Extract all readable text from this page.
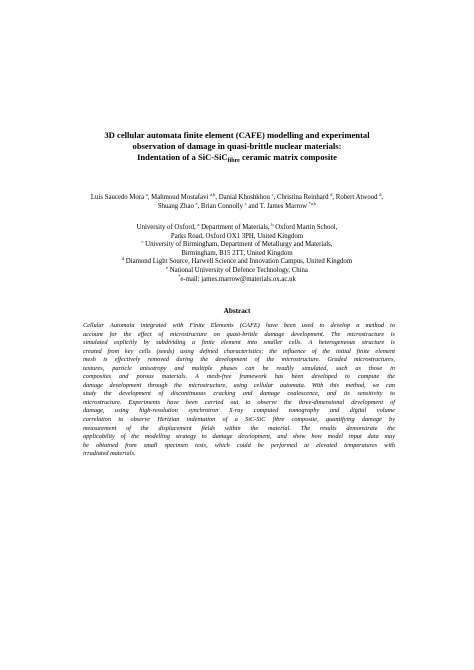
3D cellular automata finite element (CAFE) modelling and experimental
observation of damage in quasi-brittle nuclear materials:
Indentation of a SiC-SiC$_{fibre}$ ceramic matrix composite
Luis Saucedo Mora $^a$, Mahmoud Mostafavi $^{a,b}$, Danial Khoshkhou $^c$, Christina Reinhard $^d$, Robert Atwood $^d$,
Shuang Zhao $^e$, Brian Connolly $^c$ and T. James Marrow $^{*a,b}$
University of Oxford, $^a$ Department of Materials, $^b$ Oxford Martin School,
Parks Road, Oxford OX1 3PH, United Kingdom
$^c$ University of Birmingham, Department of Metallurgy and Materials,
Birmingham, B15 2TT, United Kingdom
$^d$ Diamond Light Source, Harwell Science and Innovation Campus, United Kingdom
$^e$ National University of Defence Technology, China
*e-mail: james.marrow@materials.ox.ac.uk
Abstract
Cellular Automata integrated with Finite Elements (CAFE) have been used to develop a method to
account for the effect of microstructure on quasi-brittle damage development. The microstructure is
simulated explicitly by subdividing a finite element into smaller cells. A heterogeneous structure is
created from key cells (seeds) using defined characteristics; the influence of the initial finite element
mesh is effectively removed during the development of the microstructure. Graded microstructures,
textures, particle anisotropy and multiple phases can be readily simulated, such as those in
composites and porous materials. A mesh-free framework has been developed to compute the
damage development through the microstructure, using cellular automata. With this method, we can
study the development of discontinuous cracking and damage coalescence, and its sensitivity to
microstructure. Experiments have been carried out to observe the three-dimensional development of
damage, using high-resolution synchrotron X-ray computed tomography and digital volume
correlation to observe Hertzian indentation of a SiC-SiC fibre composite, quantifying damage by
measurement of the displacement fields within the material. The results demonstrate the
applicability of the modelling strategy to damage development, and show how model input data may
be obtained from small specimen tests, which could be performed at elevated temperatures with
irradiated materials.
